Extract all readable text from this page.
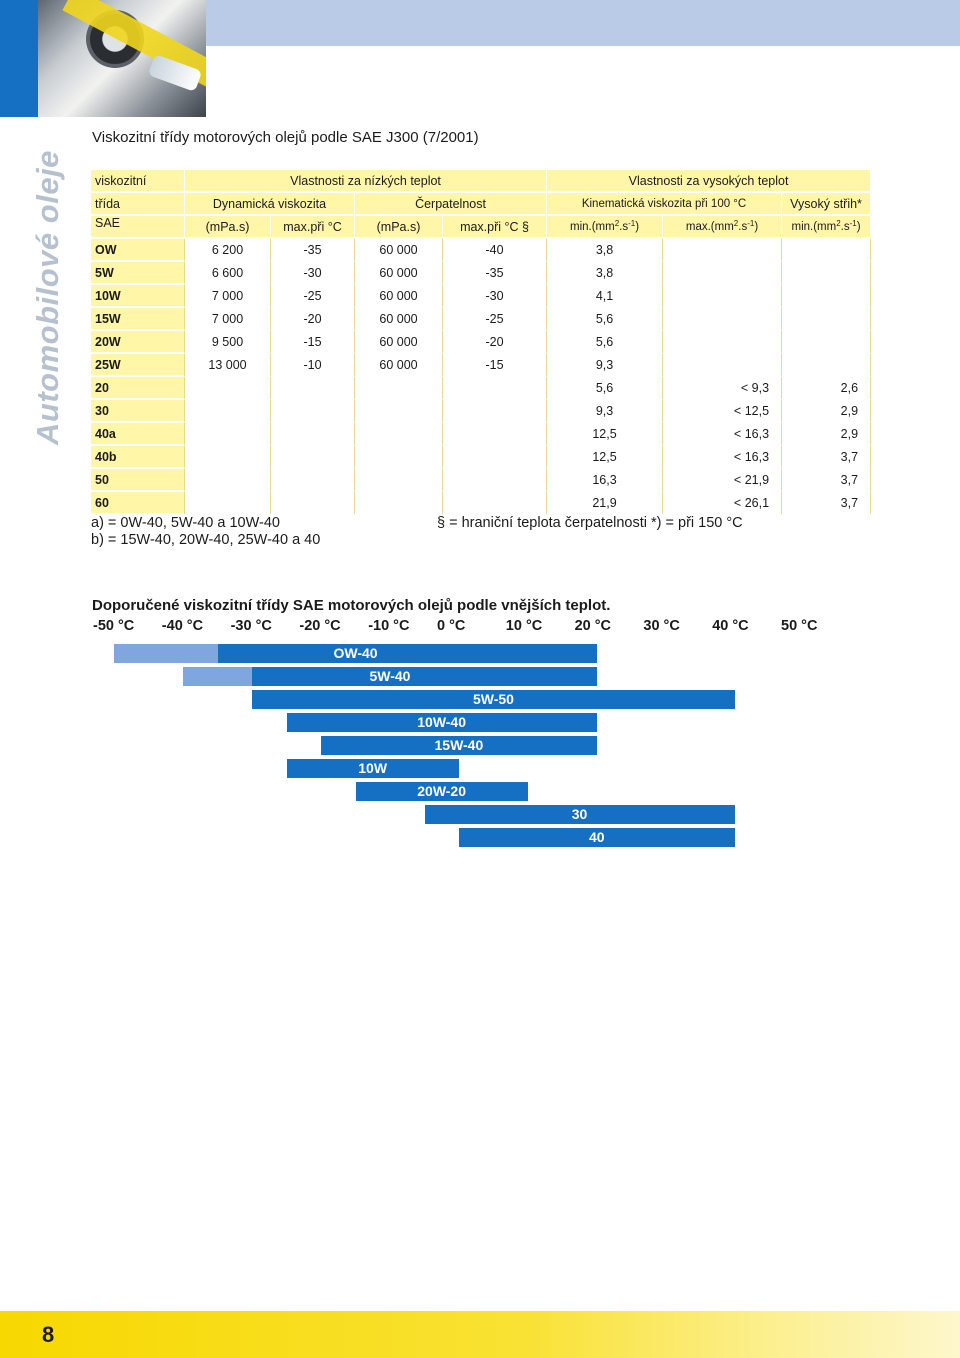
Automobilové oleje
Viskozitní třídy motorových olejů podle SAE J300 (7/2001)
viskozitní	Vlastnosti za nízkých teplot				Vlastnosti za vysokých teplot		
třída	Dynamická viskozita		Čerpatelnost		Kinematická viskozita při 100 °C		Vysoký střih*
SAE	(mPa.s)	max.při °C	(mPa.s)	max.při °C §	$\min.(mm^2.s^{-1})$	$\max.(mm^2.s^{-1})$	$\min.(mm^2.s^{-1})$
OW	6 200	-35	60 000	-40	3,8		
5W	6 600	-30	60 000	-35	3,8		
10W	7 000	-25	60 000	-30	4,1		
15W	7 000	-20	60 000	-25	5,6		
20W	9 500	-15	60 000	-20	5,6		
25W	13 000	-10	60 000	-15	9,3		
20					5,6	< 9,3	2,6
30					9,3	< 12,5	2,9
40a					12,5	< 16,3	2,9
40b					12,5	< 16,3	3,7
50					16,3	< 21,9	3,7
60					21,9	< 26,1	3,7
a) = 0W-40, 5W-40 a 10W-40
b) = 15W-40, 20W-40, 25W-40 a 40
§ = hraniční teplota čerpatelnosti *) = při 150 °C
Doporučené viskozitní třídy SAE motorových olejů podle vnějších teplot.
-50 °C -40 °C -30 °C -20 °C -10 °C 0 °C	10 °C 20 °C 30 °C 40 °C 50 °C
OW-40
5W-40
5W-50
10W-40
15W-40
10W
20W-20
30
40
8
